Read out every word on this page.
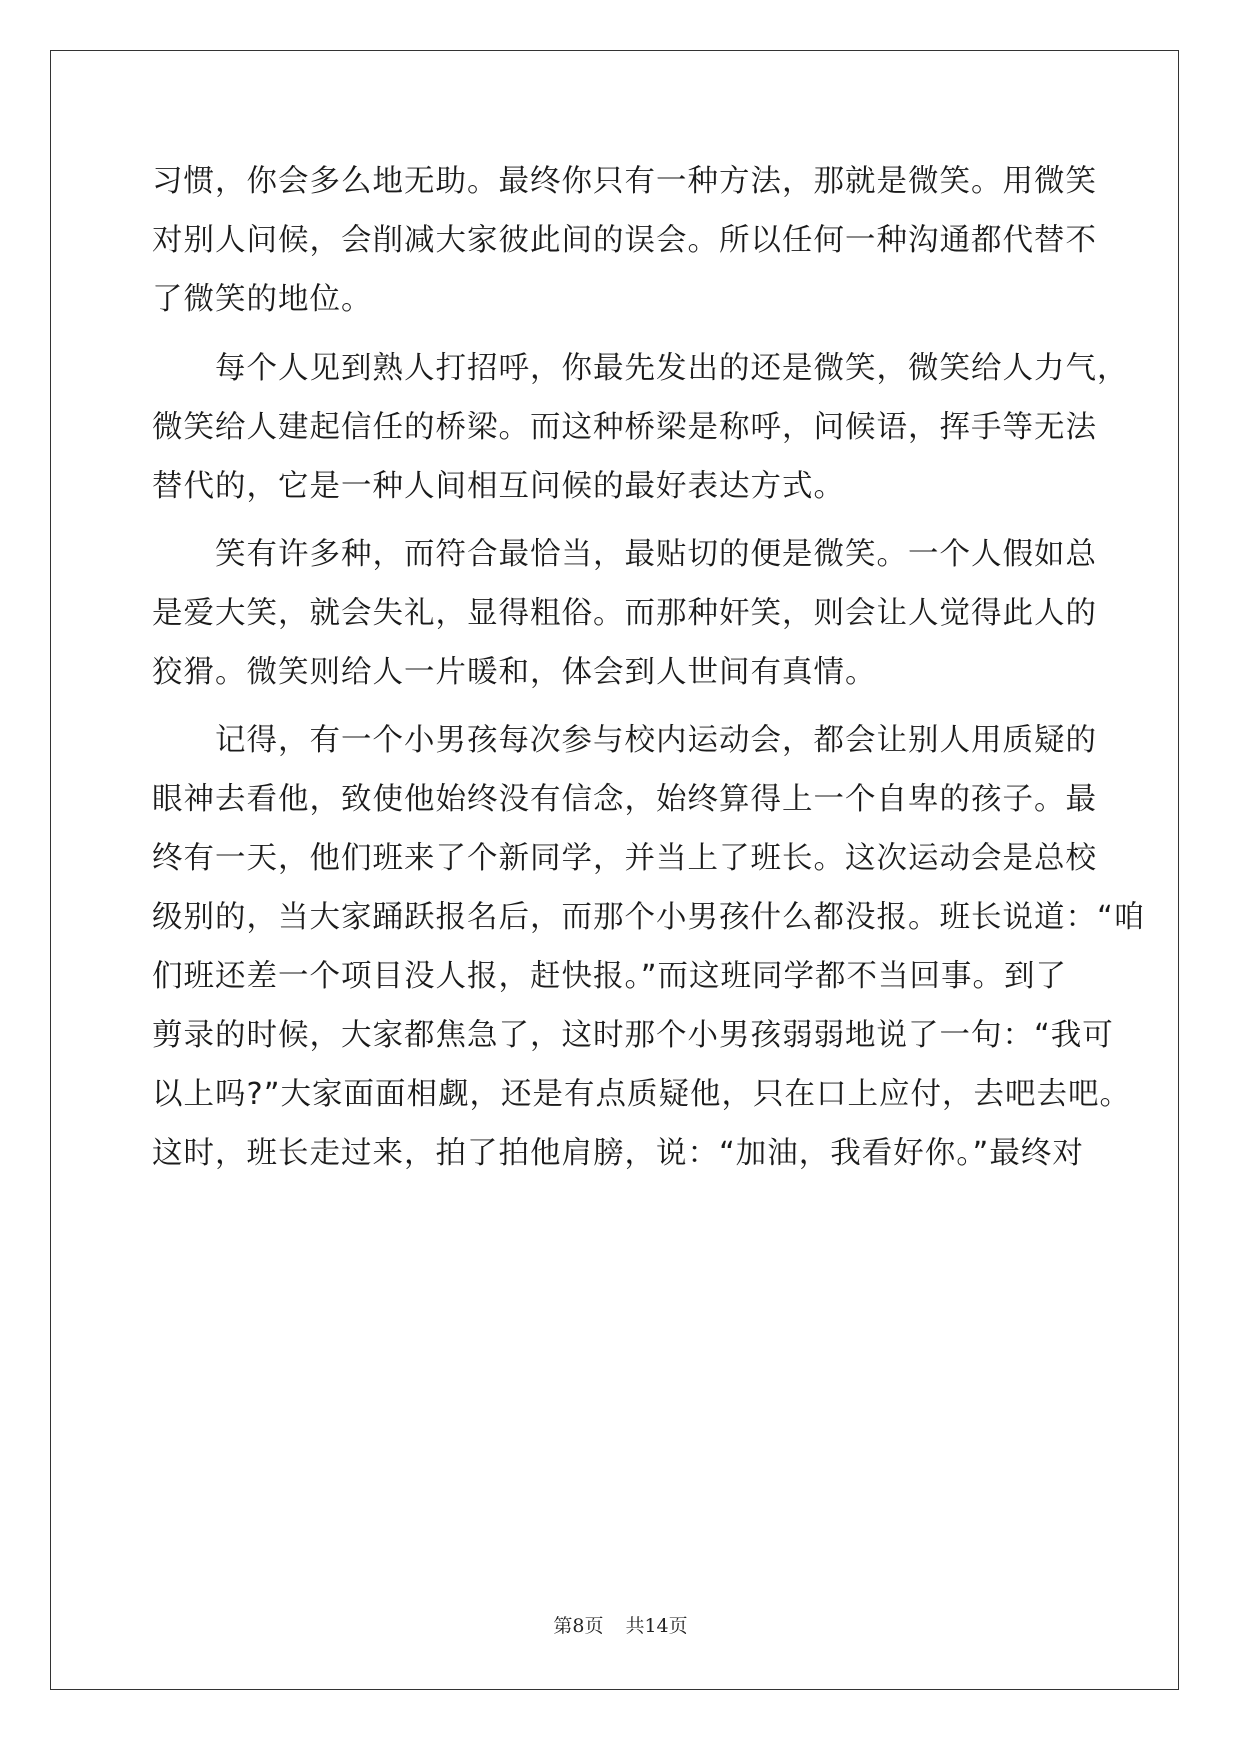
习惯，你会多么地无助。最终你只有一种方法，那就是微笑。用微笑
对别人问候，会削减大家彼此间的误会。所以任何一种沟通都代替不
了微笑的地位。
　　每个人见到熟人打招呼，你最先发出的还是微笑，微笑给人力气，
微笑给人建起信任的桥梁。而这种桥梁是称呼，问候语，挥手等无法
替代的，它是一种人间相互问候的最好表达方式。
　　笑有许多种，而符合最恰当，最贴切的便是微笑。一个人假如总
是爱大笑，就会失礼，显得粗俗。而那种奸笑，则会让人觉得此人的
狡猾。微笑则给人一片暖和，体会到人世间有真情。
　　记得，有一个小男孩每次参与校内运动会，都会让别人用质疑的
眼神去看他，致使他始终没有信念，始终算得上一个自卑的孩子。最
终有一天，他们班来了个新同学，并当上了班长。这次运动会是总校
级别的，当大家踊跃报名后，而那个小男孩什么都没报。班长说道：“咱
们班还差一个项目没人报，赶快报。”而这班同学都不当回事。到了
剪录的时候，大家都焦急了，这时那个小男孩弱弱地说了一句：“我可
以上吗?”大家面面相觑，还是有点质疑他，只在口上应付，去吧去吧。
这时，班长走过来，拍了拍他肩膀，说：“加油，我看好你。”最终对
第8页 共14页
